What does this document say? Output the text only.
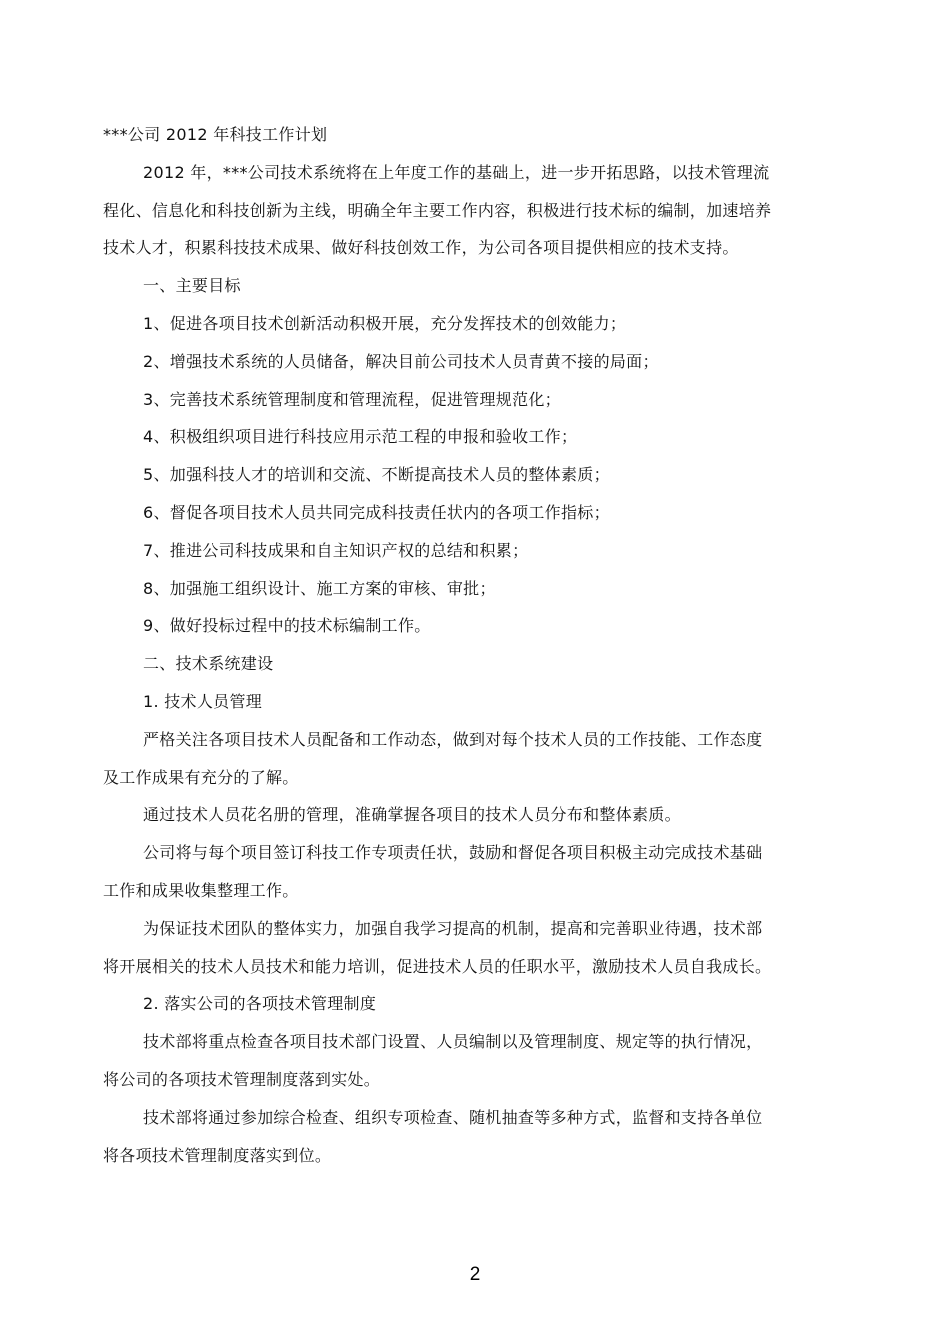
***公司 2012 年科技工作计划

2012 年，***公司技术系统将在上年度工作的基础上，进一步开拓思路，以技术管理流

程化、信息化和科技创新为主线，明确全年主要工作内容，积极进行技术标的编制，加速培养

技术人才，积累科技技术成果、做好科技创效工作，为公司各项目提供相应的技术支持。

一、主要目标

1、促进各项目技术创新活动积极开展，充分发挥技术的创效能力；

2、增强技术系统的人员储备，解决目前公司技术人员青黄不接的局面；

3、完善技术系统管理制度和管理流程，促进管理规范化；

4、积极组织项目进行科技应用示范工程的申报和验收工作；

5、加强科技人才的培训和交流、不断提高技术人员的整体素质；

6、督促各项目技术人员共同完成科技责任状内的各项工作指标；

7、推进公司科技成果和自主知识产权的总结和积累；

8、加强施工组织设计、施工方案的审核、审批；

9、做好投标过程中的技术标编制工作。

二、技术系统建设

1. 技术人员管理

严格关注各项目技术人员配备和工作动态，做到对每个技术人员的工作技能、工作态度

及工作成果有充分的了解。

通过技术人员花名册的管理，准确掌握各项目的技术人员分布和整体素质。

公司将与每个项目签订科技工作专项责任状，鼓励和督促各项目积极主动完成技术基础

工作和成果收集整理工作。

为保证技术团队的整体实力，加强自我学习提高的机制，提高和完善职业待遇，技术部

将开展相关的技术人员技术和能力培训，促进技术人员的任职水平，激励技术人员自我成长。

2. 落实公司的各项技术管理制度

技术部将重点检查各项目技术部门设置、人员编制以及管理制度、规定等的执行情况，

将公司的各项技术管理制度落到实处。

技术部将通过参加综合检查、组织专项检查、随机抽查等多种方式，监督和支持各单位

将各项技术管理制度落实到位。

2
